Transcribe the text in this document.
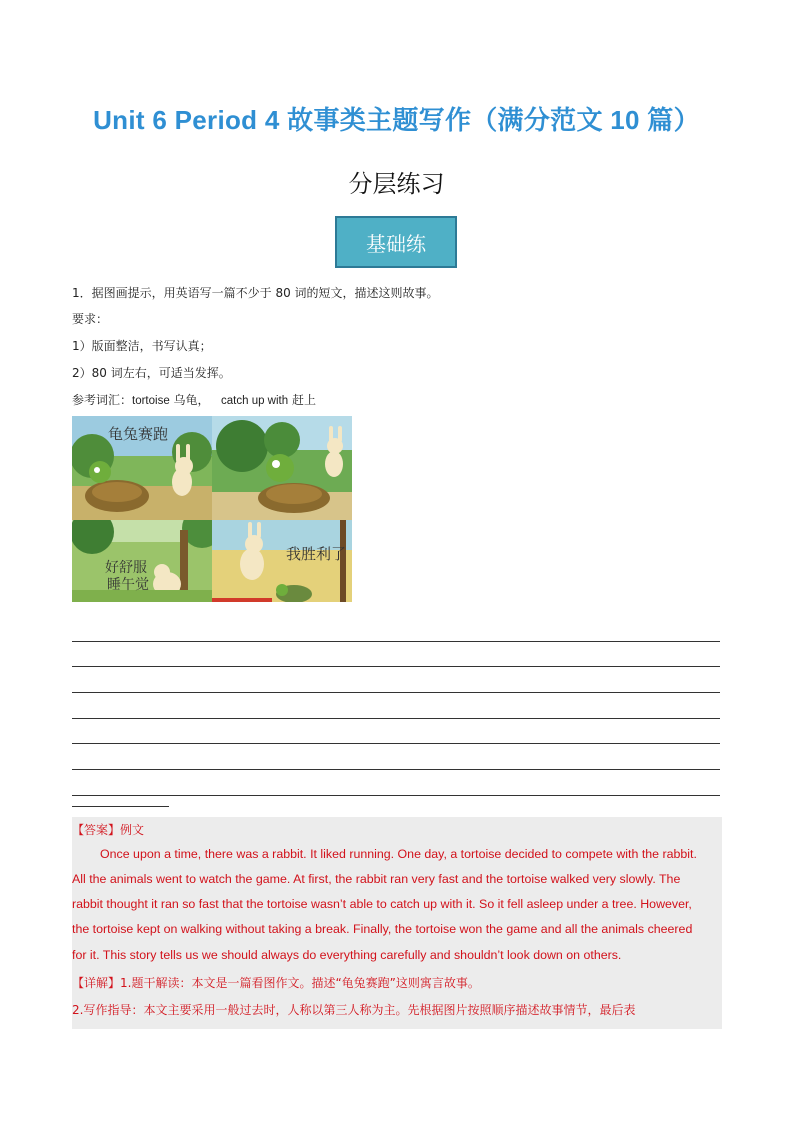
Unit 6 Period 4 故事类主题写作（满分范文 10 篇）
分层练习
基础练
1．据图画提示，用英语写一篇不少于 80 词的短文，描述这则故事。
要求：
1）版面整洁，书写认真；
2）80 词左右，可适当发挥。
参考词汇：tortoise 乌龟， catch up with 赶上
龟兔赛跑
好舒服
睡午觉
我胜利了
【答案】例文
Once upon a time, there was a rabbit. It liked running. One day, a tortoise decided to compete with the rabbit.
All the animals went to watch the game. At first, the rabbit ran very fast and the tortoise walked very slowly. The
rabbit thought it ran so fast that the tortoise wasn’t able to catch up with it. So it fell asleep under a tree. However,
the tortoise kept on walking without taking a break. Finally, the tortoise won the game and all the animals cheered
for it. This story tells us we should always do everything carefully and shouldn’t look down on others.
【详解】1.题干解读：本文是一篇看图作文。描述“龟兔赛跑”这则寓言故事。
2.写作指导：本文主要采用一般过去时，人称以第三人称为主。先根据图片按照顺序描述故事情节，最后表
